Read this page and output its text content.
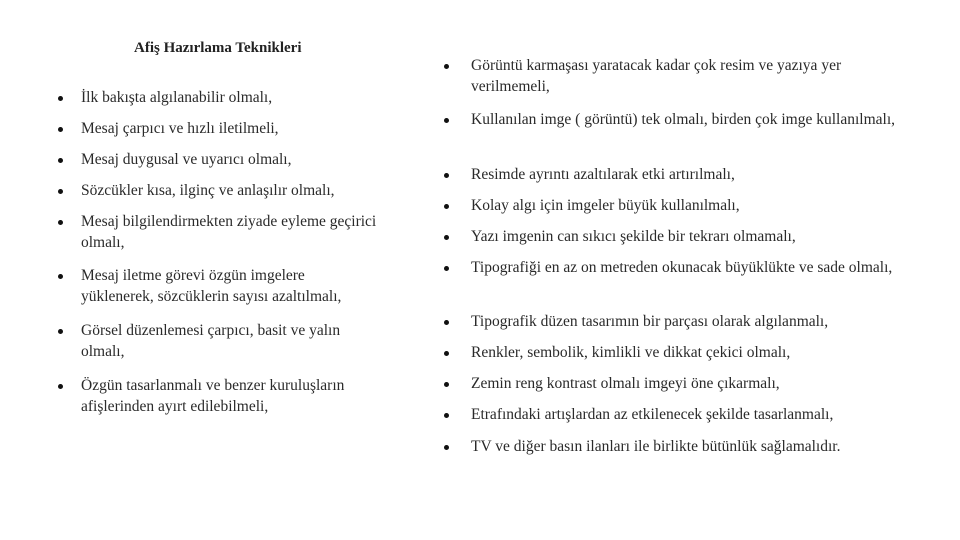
Afiş Hazırlama Teknikleri
İlk bakışta algılanabilir olmalı,
Mesaj çarpıcı ve hızlı iletilmeli,
Mesaj duygusal ve uyarıcı olmalı,
Sözcükler kısa, ilginç ve anlaşılır olmalı,
Mesaj bilgilendirmekten ziyade eyleme geçirici olmalı,
Mesaj iletme görevi özgün imgelere yüklenerek, sözcüklerin sayısı azaltılmalı,
Görsel düzenlemesi çarpıcı, basit ve yalın olmalı,
Özgün tasarlanmalı ve benzer kuruluşların afişlerinden ayırt edilebilmeli,
Görüntü karmaşası yaratacak kadar çok resim ve yazıya yer verilmemeli,
Kullanılan imge ( görüntü) tek olmalı, birden çok imge kullanılmalı,
Resimde ayrıntı azaltılarak etki artırılmalı,
Kolay algı için imgeler büyük kullanılmalı,
Yazı imgenin can sıkıcı şekilde bir tekrarı olmamalı,
Tipografiği en az on metreden okunacak büyüklükte ve sade olmalı,
Tipografik düzen tasarımın bir parçası olarak algılanmalı,
Renkler, sembolik, kimlikli ve dikkat çekici olmalı,
Zemin reng kontrast olmalı imgeyi öne çıkarmalı,
Etrafındaki artışlardan az etkilenecek şekilde tasarlanmalı,
TV ve diğer basın ilanları ile birlikte bütünlük sağlamalıdır.
